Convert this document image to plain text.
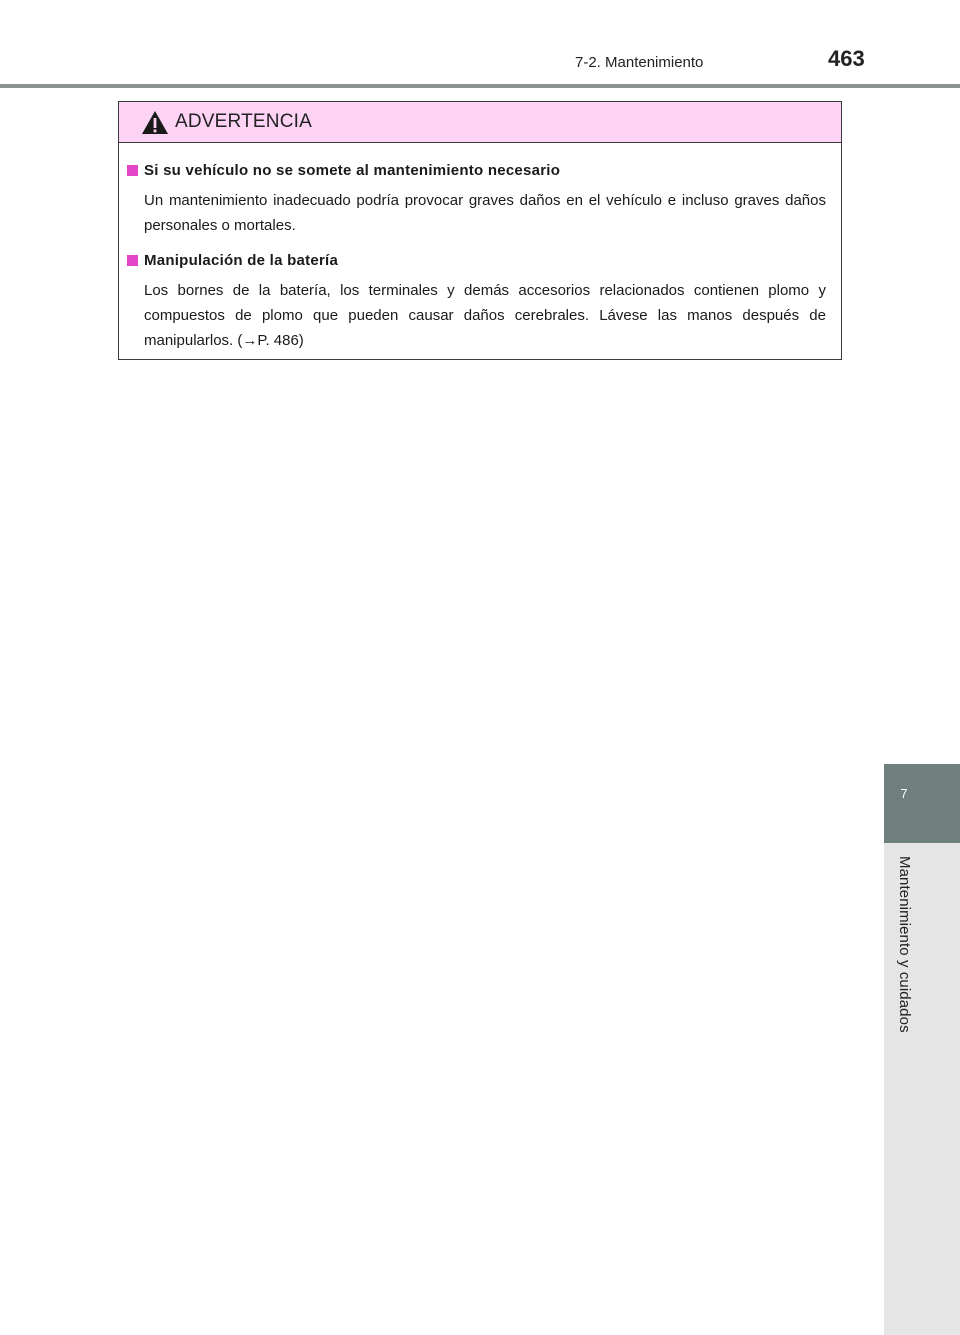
7-2. Mantenimiento	463
ADVERTENCIA
Si su vehículo no se somete al mantenimiento necesario
Un mantenimiento inadecuado podría provocar graves daños en el vehículo e incluso graves daños personales o mortales.
Manipulación de la batería
Los bornes de la batería, los terminales y demás accesorios relacionados contienen plomo y compuestos de plomo que pueden causar daños cerebrales. Lávese las manos después de manipularlos. (→P. 486)
7
Mantenimiento y cuidados
